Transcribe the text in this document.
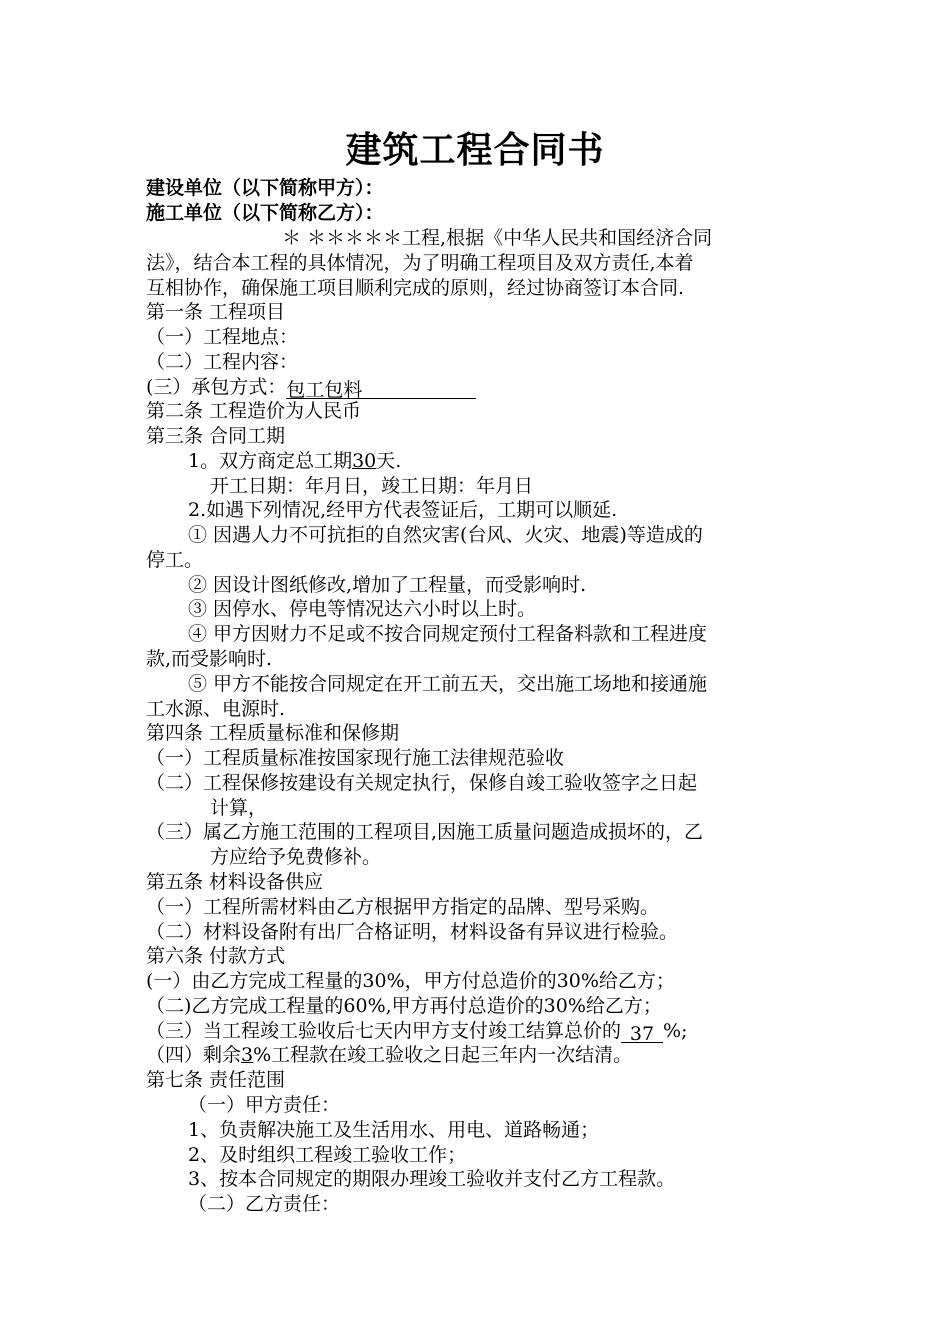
建筑工程合同书
建设单位（以下简称甲方）：
施工单位（以下简称乙方）：
＊ ＊＊＊＊＊工程,根据《中华人民共和国经济合同
法》，结合本工程的具体情况，为了明确工程项目及双方责任,本着
互相协作，确保施工项目顺利完成的原则，经过协商签订本合同.
第一条 工程项目
（一）工程地点：
（二）工程内容：
(三）承包方式：包工包料
第二条 工程造价为人民币
第三条 合同工期
1。双方商定总工期30天.
开工日期：年月日，竣工日期：年月日
2.如遇下列情况,经甲方代表签证后，工期可以顺延.
① 因遇人力不可抗拒的自然灾害(台风、火灾、地震)等造成的
停工。
② 因设计图纸修改,增加了工程量，而受影响时.
③ 因停水、停电等情况达六小时以上时。
④ 甲方因财力不足或不按合同规定预付工程备料款和工程进度
款,而受影响时.
⑤ 甲方不能按合同规定在开工前五天，交出施工场地和接通施
工水源、电源时.
第四条 工程质量标准和保修期
（一）工程质量标准按国家现行施工法律规范验收
（二）工程保修按建设有关规定执行，保修自竣工验收签字之日起
计算，
（三）属乙方施工范围的工程项目,因施工质量问题造成损坏的，乙
方应给予免费修补。
第五条 材料设备供应
（一）工程所需材料由乙方根据甲方指定的品牌、型号采购。
（二）材料设备附有出厂合格证明，材料设备有异议进行检验。
第六条 付款方式
(一）由乙方完成工程量的30%，甲方付总造价的30%给乙方；
（二)乙方完成工程量的60%,甲方再付总造价的30%给乙方；
（三）当工程竣工验收后七天内甲方支付竣工结算总价的 37 %;
（四）剩余3%工程款在竣工验收之日起三年内一次结清。
第七条 责任范围
（一）甲方责任：
1、负责解决施工及生活用水、用电、道路畅通；
2、及时组织工程竣工验收工作；
3、按本合同规定的期限办理竣工验收并支付乙方工程款。
（二）乙方责任：
